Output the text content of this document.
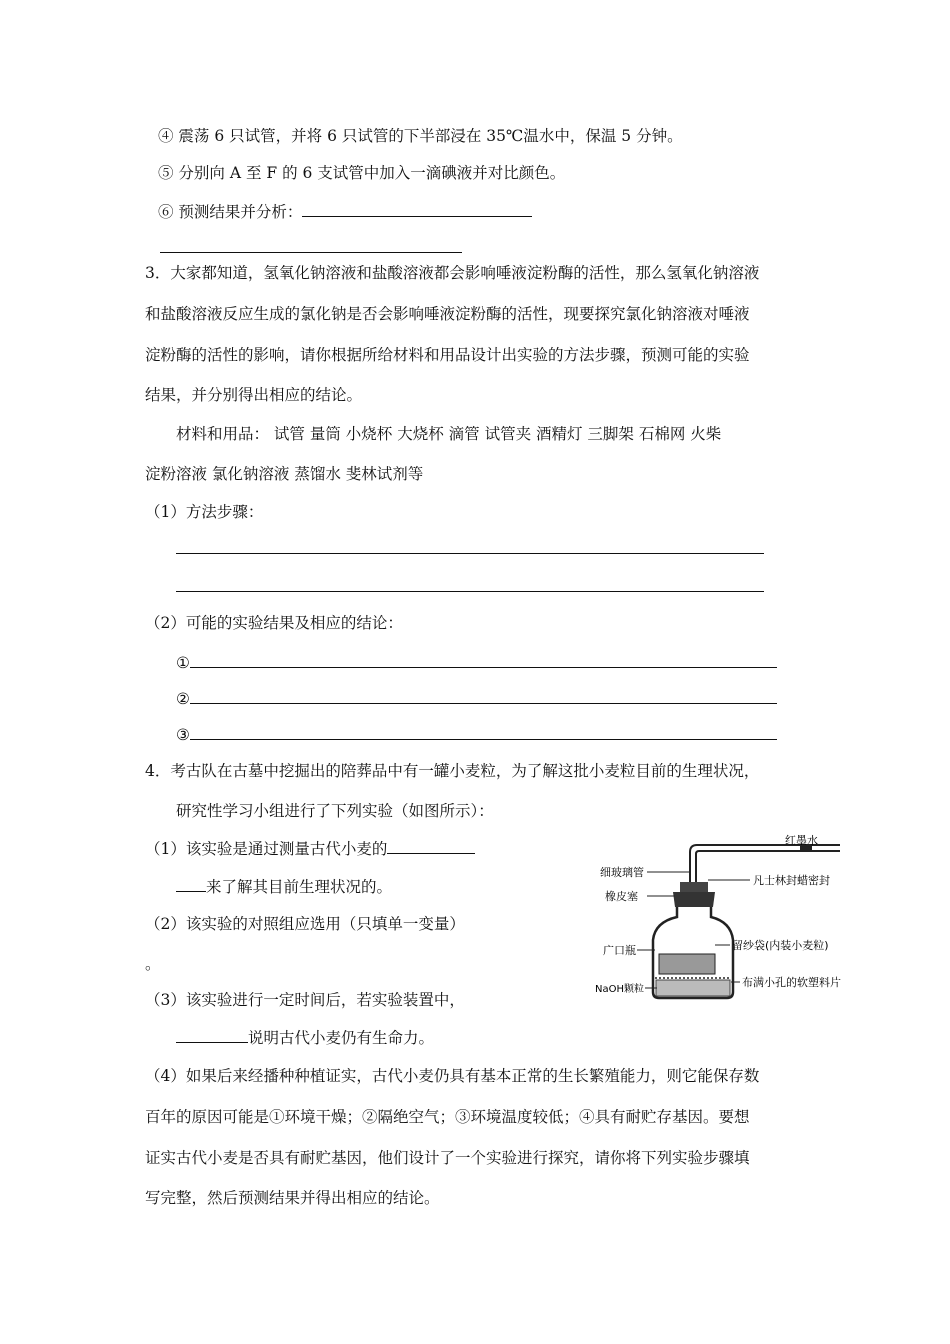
④ 震荡 6 只试管，并将 6 只试管的下半部浸在 35℃温水中，保温 5 分钟。
⑤ 分别向 A 至 F 的 6 支试管中加入一滴碘液并对比颜色。
⑥ 预测结果并分析：
3．大家都知道，氢氧化钠溶液和盐酸溶液都会影响唾液淀粉酶的活性，那么氢氧化钠溶液
和盐酸溶液反应生成的氯化钠是否会影响唾液淀粉酶的活性，现要探究氯化钠溶液对唾液
淀粉酶的活性的影响，请你根据所给材料和用品设计出实验的方法步骤，预测可能的实验
结果，并分别得出相应的结论。
材料和用品： 试管 量筒 小烧杯 大烧杯 滴管 试管夹 酒精灯 三脚架 石棉网 火柴
淀粉溶液 氯化钠溶液 蒸馏水 斐林试剂等
（1）方法步骤：
（2）可能的实验结果及相应的结论：
①
②
③
4．考古队在古墓中挖掘出的陪葬品中有一罐小麦粒，为了解这批小麦粒目前的生理状况，
研究性学习小组进行了下列实验（如图所示）：
（1）该实验是通过测量古代小麦的
来了解其目前生理状况的。
（2）该实验的对照组应选用（只填单一变量）
。
（3）该实验进行一定时间后，若实验装置中，
说明古代小麦仍有生命力。
（4）如果后来经播种种植证实，古代小麦仍具有基本正常的生长繁殖能力，则它能保存数
百年的原因可能是①环境干燥；②隔绝空气；③环境温度较低；④具有耐贮存基因。要想
证实古代小麦是否具有耐贮基因，他们设计了一个实验进行探究，请你将下列实验步骤填
写完整，然后预测结果并得出相应的结论。
红墨水
细玻璃管
凡士林封蜡密封
橡皮塞
广口瓶	留纱袋(内装小麦粒)
NaOH颗粒
布满小孔的软塑料片
